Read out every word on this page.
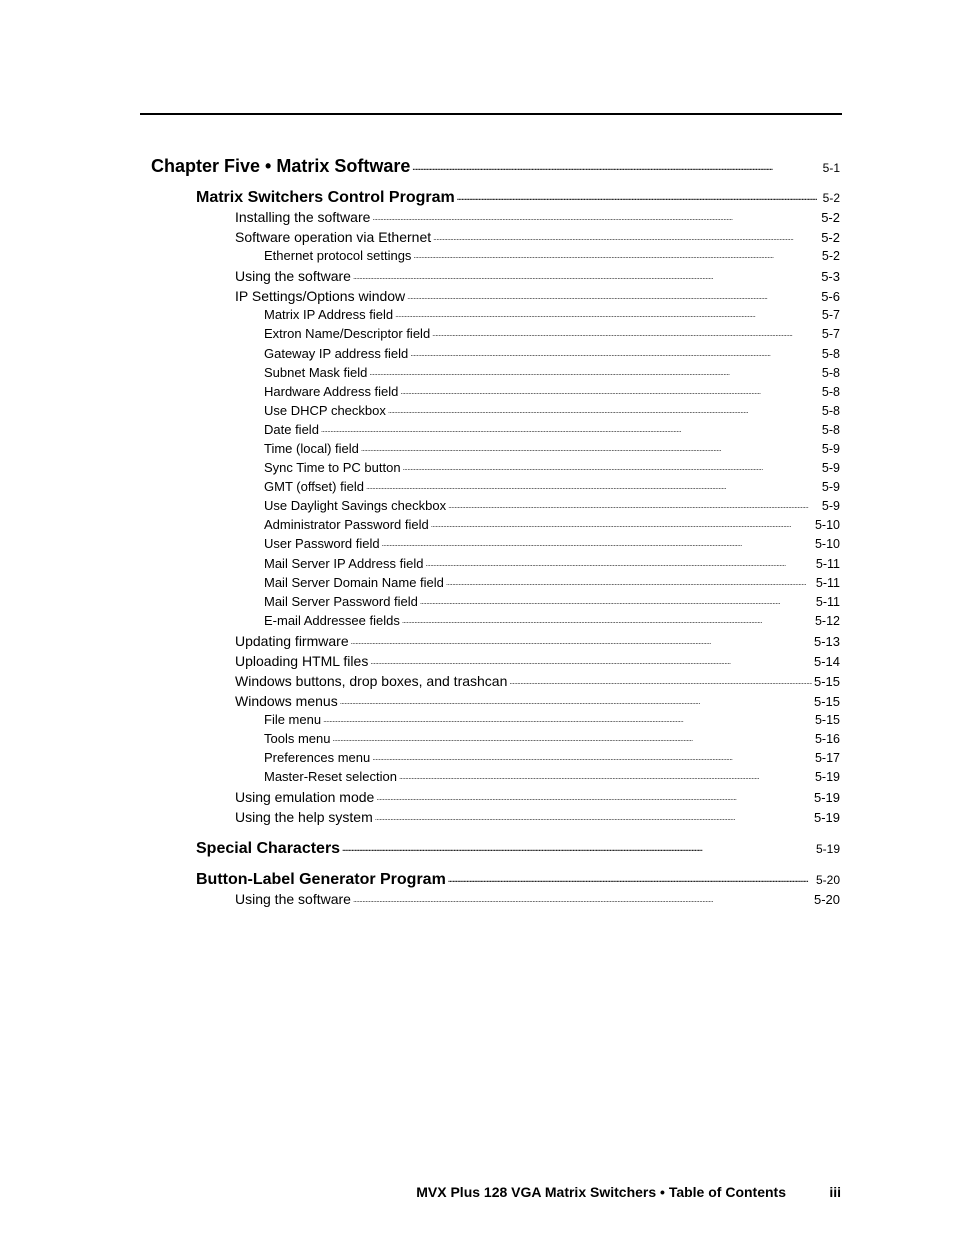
Chapter Five • Matrix Software . . .	5-1
Matrix Switchers Control Program . . .	5-2
Installing the software . . .	5-2
Software operation via Ethernet . . .	5-2
Ethernet protocol settings . . .	5-2
Using the software . . .	5-3
IP Settings/Options window . . .	5-6
Matrix IP Address field . . .	5-7
Extron Name/Descriptor field . . .	5-7
Gateway IP address field . . .	5-8
Subnet Mask field . . .	5-8
Hardware Address field . . .	5-8
Use DHCP checkbox . . .	5-8
Date field . . .	5-8
Time (local) field . . .	5-9
Sync Time to PC button . . .	5-9
GMT (offset) field . . .	5-9
Use Daylight Savings checkbox . . .	5-9
Administrator Password field . . .	5-10
User Password field . . .	5-10
Mail Server IP Address field . . .	5-11
Mail Server Domain Name field . . .	5-11
Mail Server Password field . . .	5-11
E-mail Addressee fields . . .	5-12
Updating firmware . . .	5-13
Uploading HTML files . . .	5-14
Windows buttons, drop boxes, and trashcan . . .	5-15
Windows menus . . .	5-15
File menu . . .	5-15
Tools menu . . .	5-16
Preferences menu . . .	5-17
Master-Reset selection . . .	5-19
Using emulation mode . . .	5-19
Using the help system . . .	5-19
Special Characters . . .	5-19
Button-Label Generator Program . . .	5-20
Using the software . . .	5-20
MVX Plus 128 VGA Matrix Switchers • Table of Contents	iii
